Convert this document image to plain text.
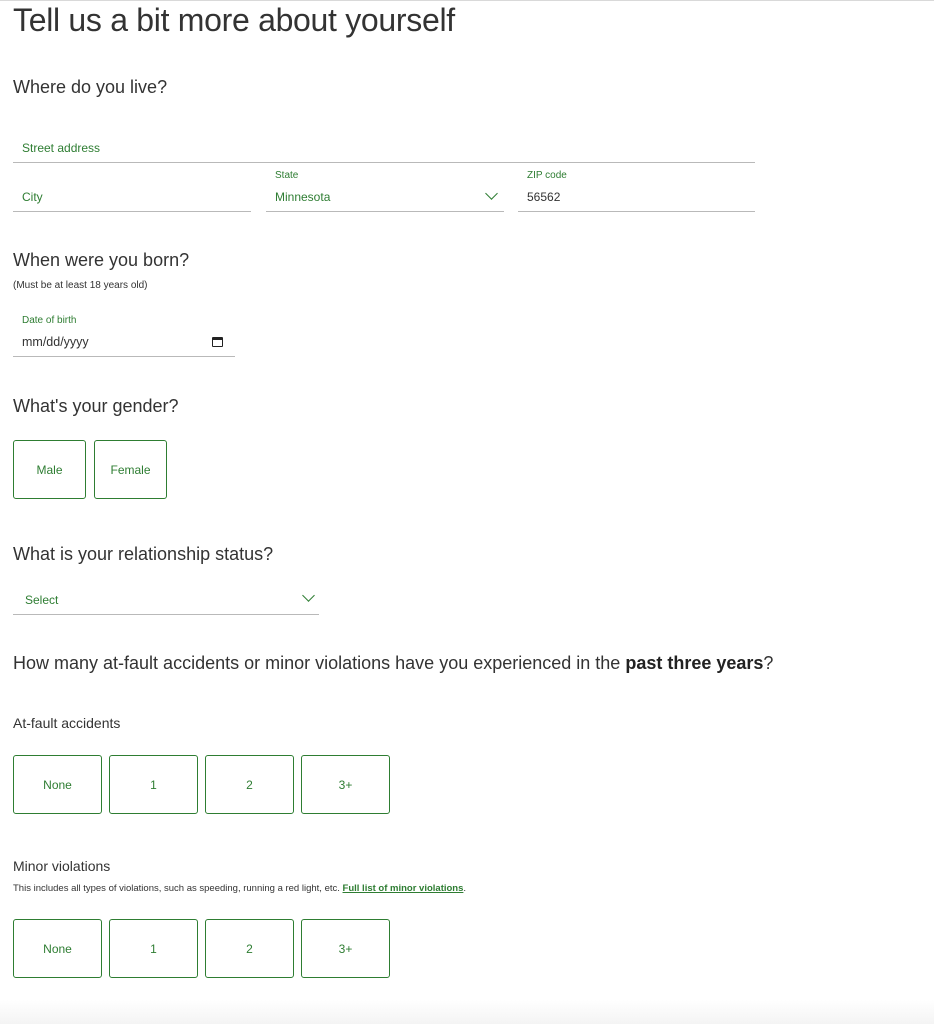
Tell us a bit more about yourself
Where do you live?
Street address
City
State
Minnesota
ZIP code
56562
When were you born?
(Must be at least 18 years old)
Date of birth
mm/dd/yyyy
What's your gender?
Male	Female
What is your relationship status?
Select
How many at-fault accidents or minor violations have you experienced in the past three years?
At-fault accidents
None	1	2	3+
Minor violations
This includes all types of violations, such as speeding, running a red light, etc. Full list of minor violations.
None	1	2	3+
